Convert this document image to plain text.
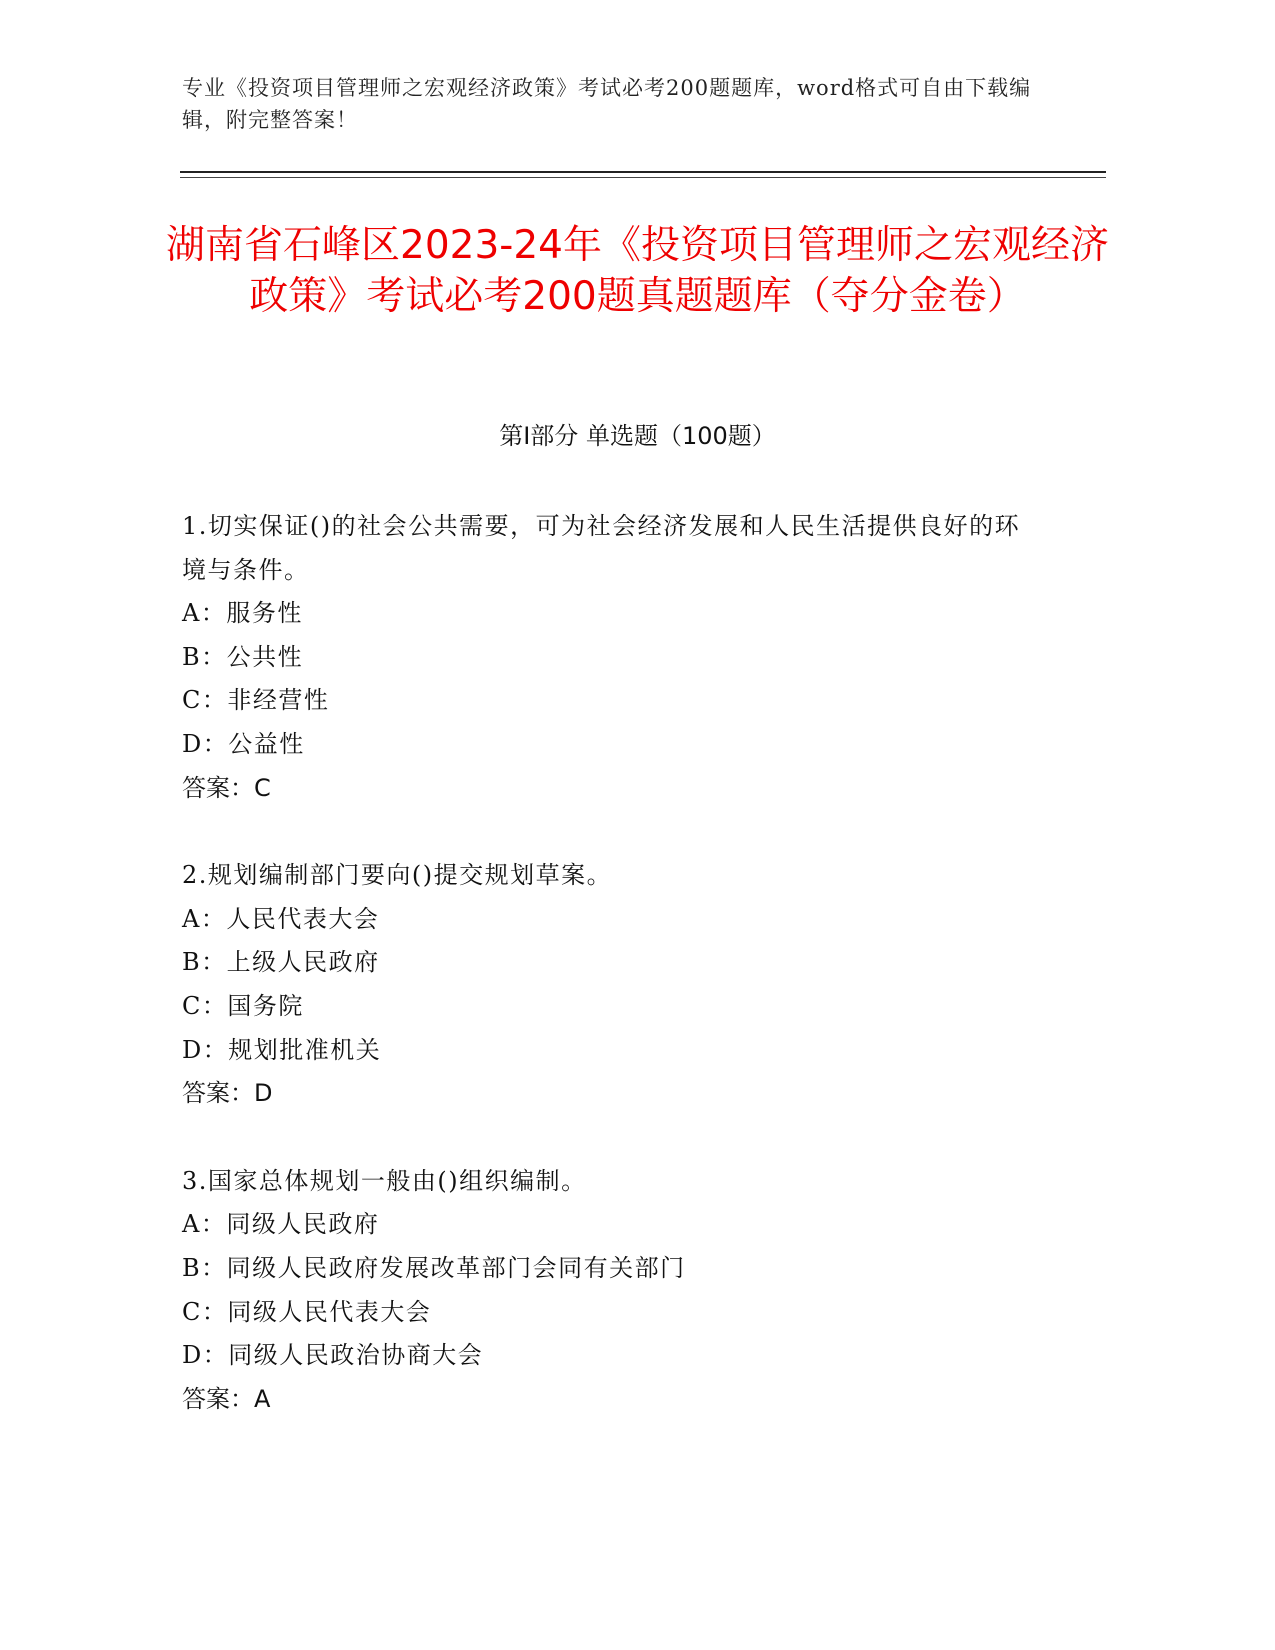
专业《投资项目管理师之宏观经济政策》考试必考200题题库，word格式可自由下载编辑，附完整答案！
湖南省石峰区2023-24年《投资项目管理师之宏观经济政策》考试必考200题真题题库（夺分金卷）
第Ⅰ部分 单选题（100题）
1.切实保证()的社会公共需要，可为社会经济发展和人民生活提供良好的环境与条件。
A：服务性
B：公共性
C：非经营性
D：公益性
答案：C
2.规划编制部门要向()提交规划草案。
A：人民代表大会
B：上级人民政府
C：国务院
D：规划批准机关
答案：D
3.国家总体规划一般由()组织编制。
A：同级人民政府
B：同级人民政府发展改革部门会同有关部门
C：同级人民代表大会
D：同级人民政治协商大会
答案：A
